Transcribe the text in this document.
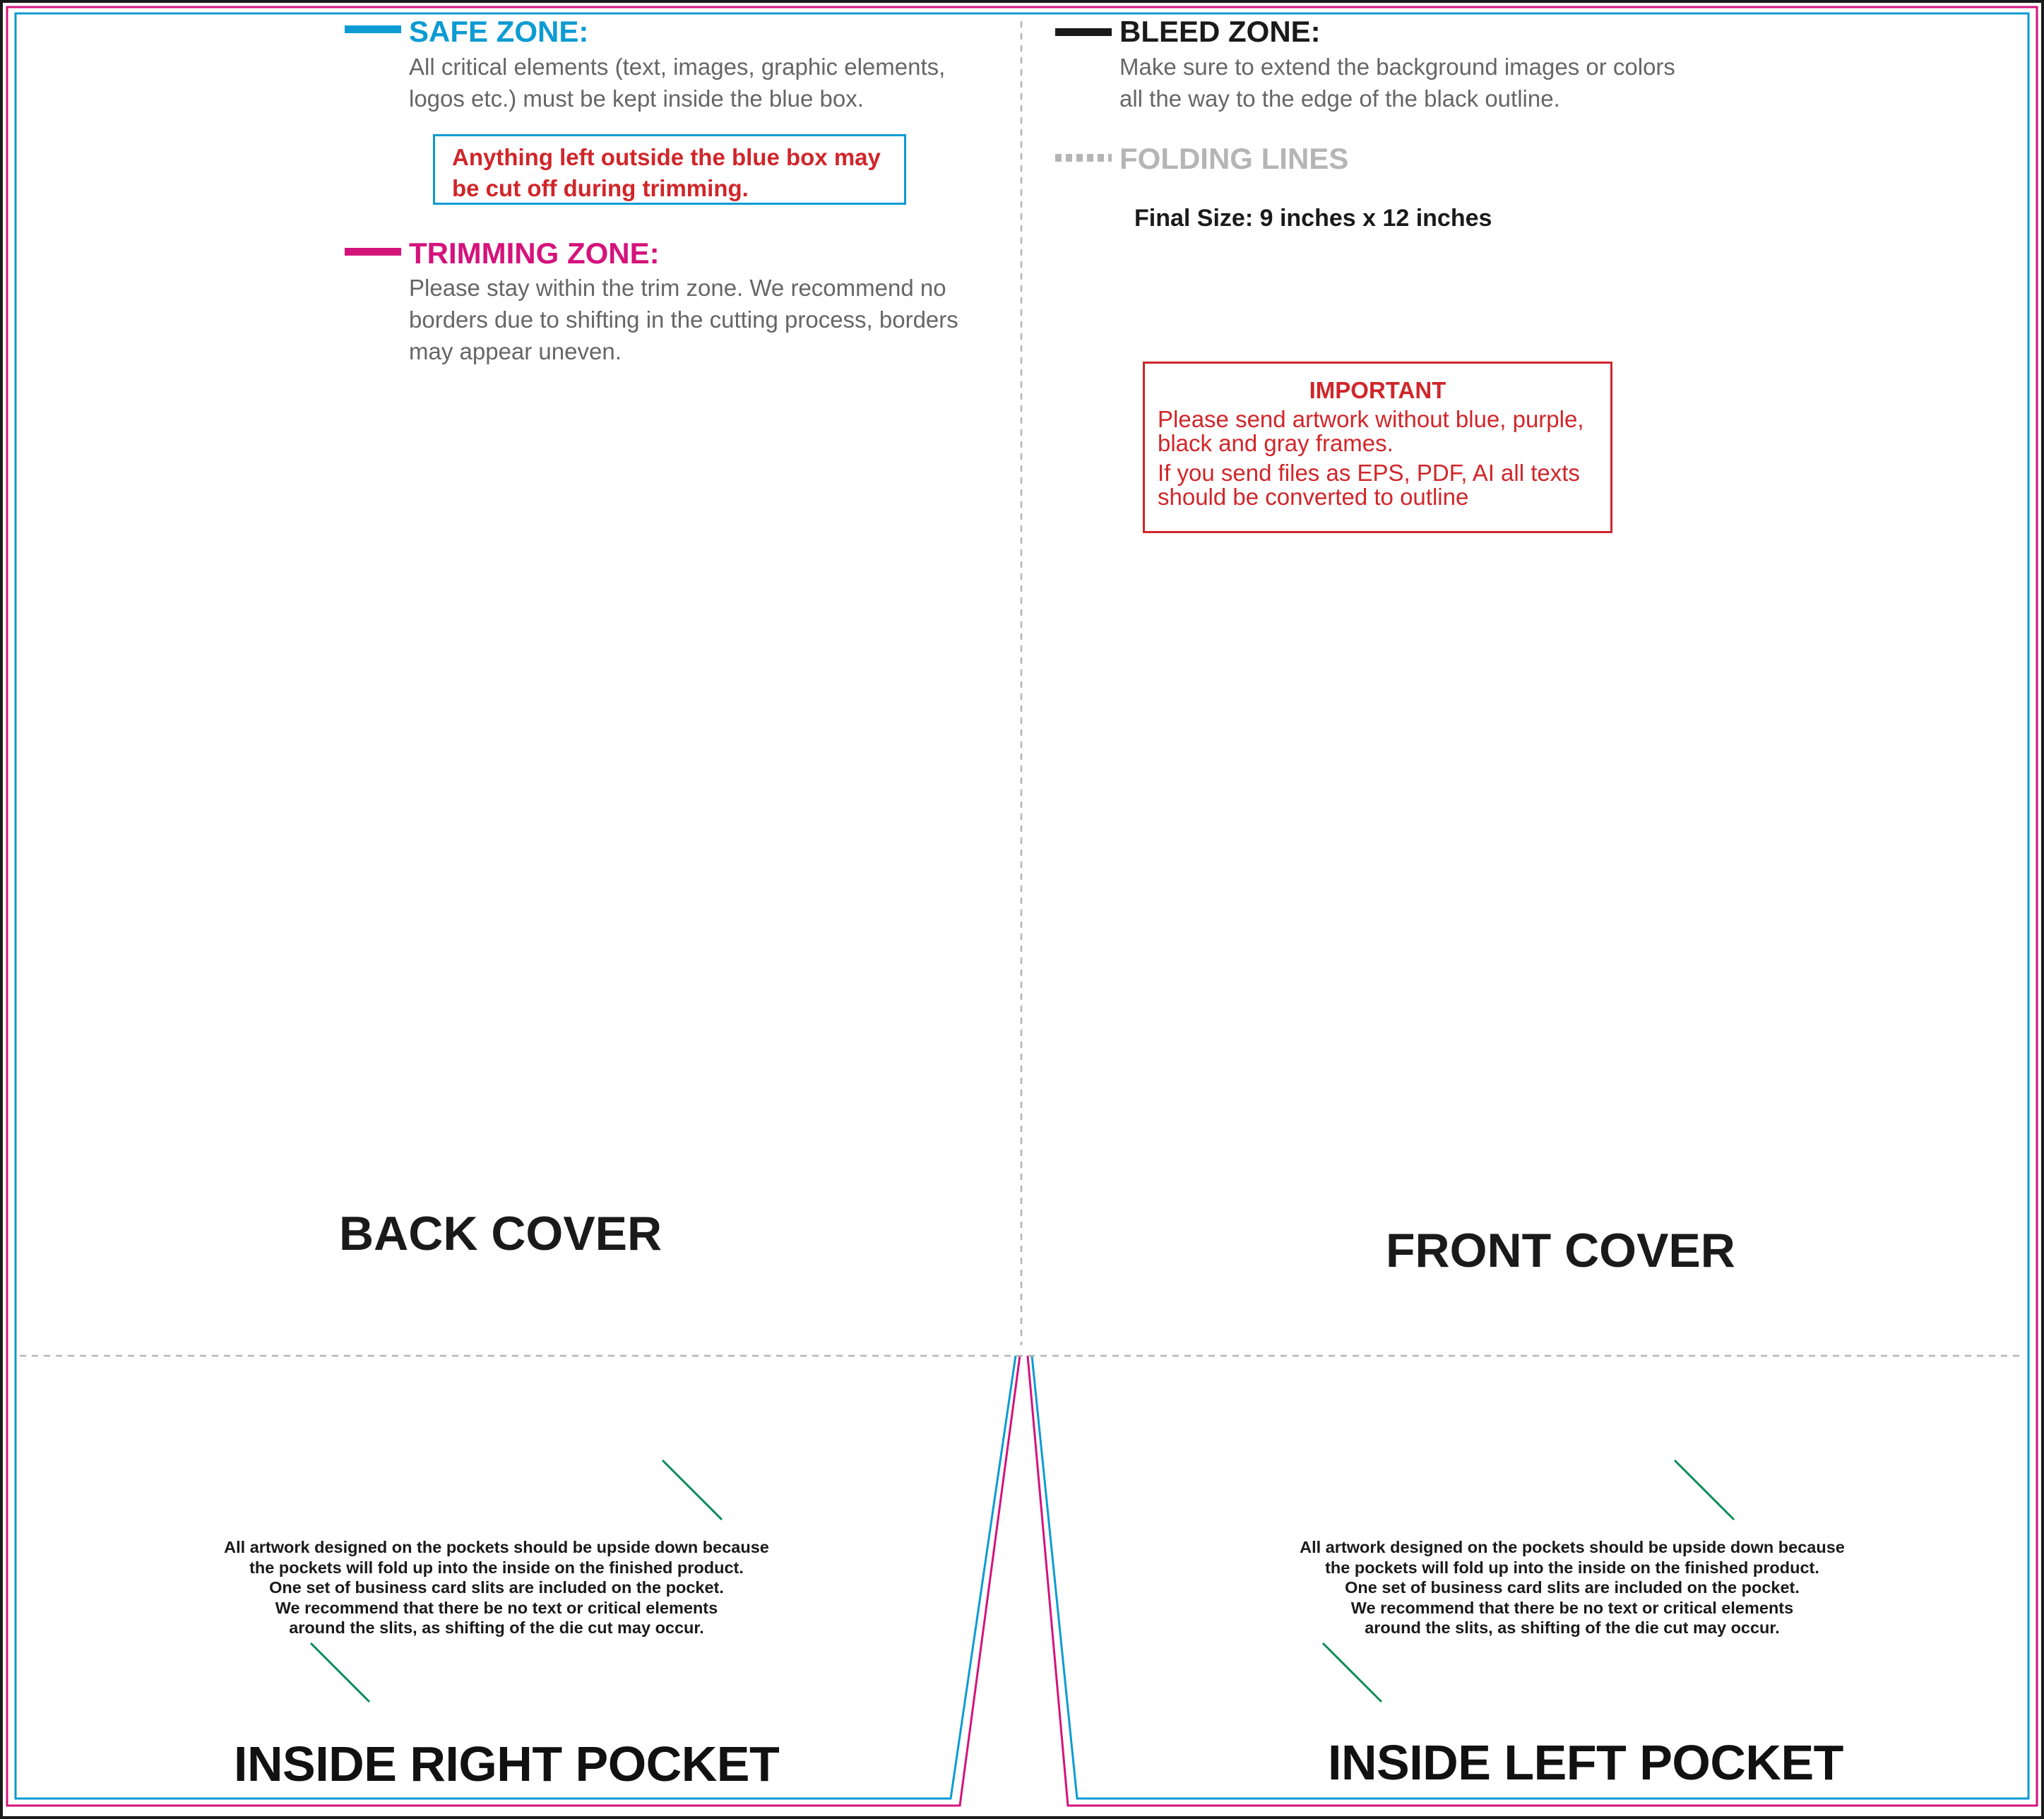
SAFE ZONE:
All critical elements (text, images, graphic elements,
logos etc.) must be kept inside the blue box.
Anything left outside the blue box may
be cut off during trimming.
TRIMMING ZONE:
Please stay within the trim zone. We recommend no
borders due to shifting in the cutting process, borders
may appear uneven.
BLEED ZONE:
Make sure to extend the background images or colors
all the way to the edge of the black outline.
FOLDING LINES
Final Size: 9 inches x 12 inches
IMPORTANT
Please send artwork without blue, purple,
black and gray frames.
If you send files as EPS, PDF, AI all texts
should be converted to outline
BACK COVER	FRONT COVER
INSIDE RIGHT POCKET	INSIDE LEFT POCKET
All artwork designed on the pockets should be upside down because
the pockets will fold up into the inside on the finished product.
One set of business card slits are included on the pocket.
We recommend that there be no text or critical elements
around the slits, as shifting of the die cut may occur.
All artwork designed on the pockets should be upside down because
the pockets will fold up into the inside on the finished product.
One set of business card slits are included on the pocket.
We recommend that there be no text or critical elements
around the slits, as shifting of the die cut may occur.
